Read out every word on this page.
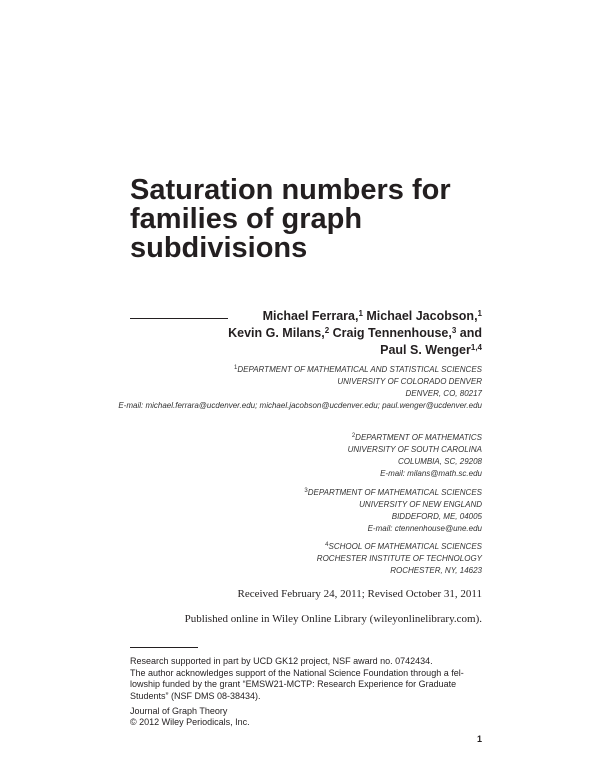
Saturation numbers for
families of graph
subdivisions
Michael Ferrara,$^1$ Michael Jacobson,$^1$
Kevin G. Milans,$^2$ Craig Tennenhouse,$^3$ and
Paul S. Wenger$^{1,4}$
$^1$DEPARTMENT OF MATHEMATICAL AND STATISTICAL SCIENCES
UNIVERSITY OF COLORADO DENVER
DENVER, CO, 80217
E-mail: michael.ferrara@ucdenver.edu; michael.jacobson@ucdenver.edu; paul.wenger@ucdenver.edu
$^2$DEPARTMENT OF MATHEMATICS
UNIVERSITY OF SOUTH CAROLINA
COLUMBIA, SC, 29208
E-mail: milans@math.sc.edu
$^3$DEPARTMENT OF MATHEMATICAL SCIENCES
UNIVERSITY OF NEW ENGLAND
BIDDEFORD, ME, 04005
E-mail: ctennenhouse@une.edu
$^4$SCHOOL OF MATHEMATICAL SCIENCES
ROCHESTER INSTITUTE OF TECHNOLOGY
ROCHESTER, NY, 14623
Received February 24, 2011; Revised October 31, 2011
Published online in Wiley Online Library (wileyonlinelibrary.com).
Research supported in part by UCD GK12 project, NSF award no. 0742434.
The author acknowledges support of the National Science Foundation through a fel-
lowship funded by the grant “EMSW21-MCTP: Research Experience for Graduate
Students” (NSF DMS 08-38434).
Journal of Graph Theory
© 2012 Wiley Periodicals, Inc.
1
